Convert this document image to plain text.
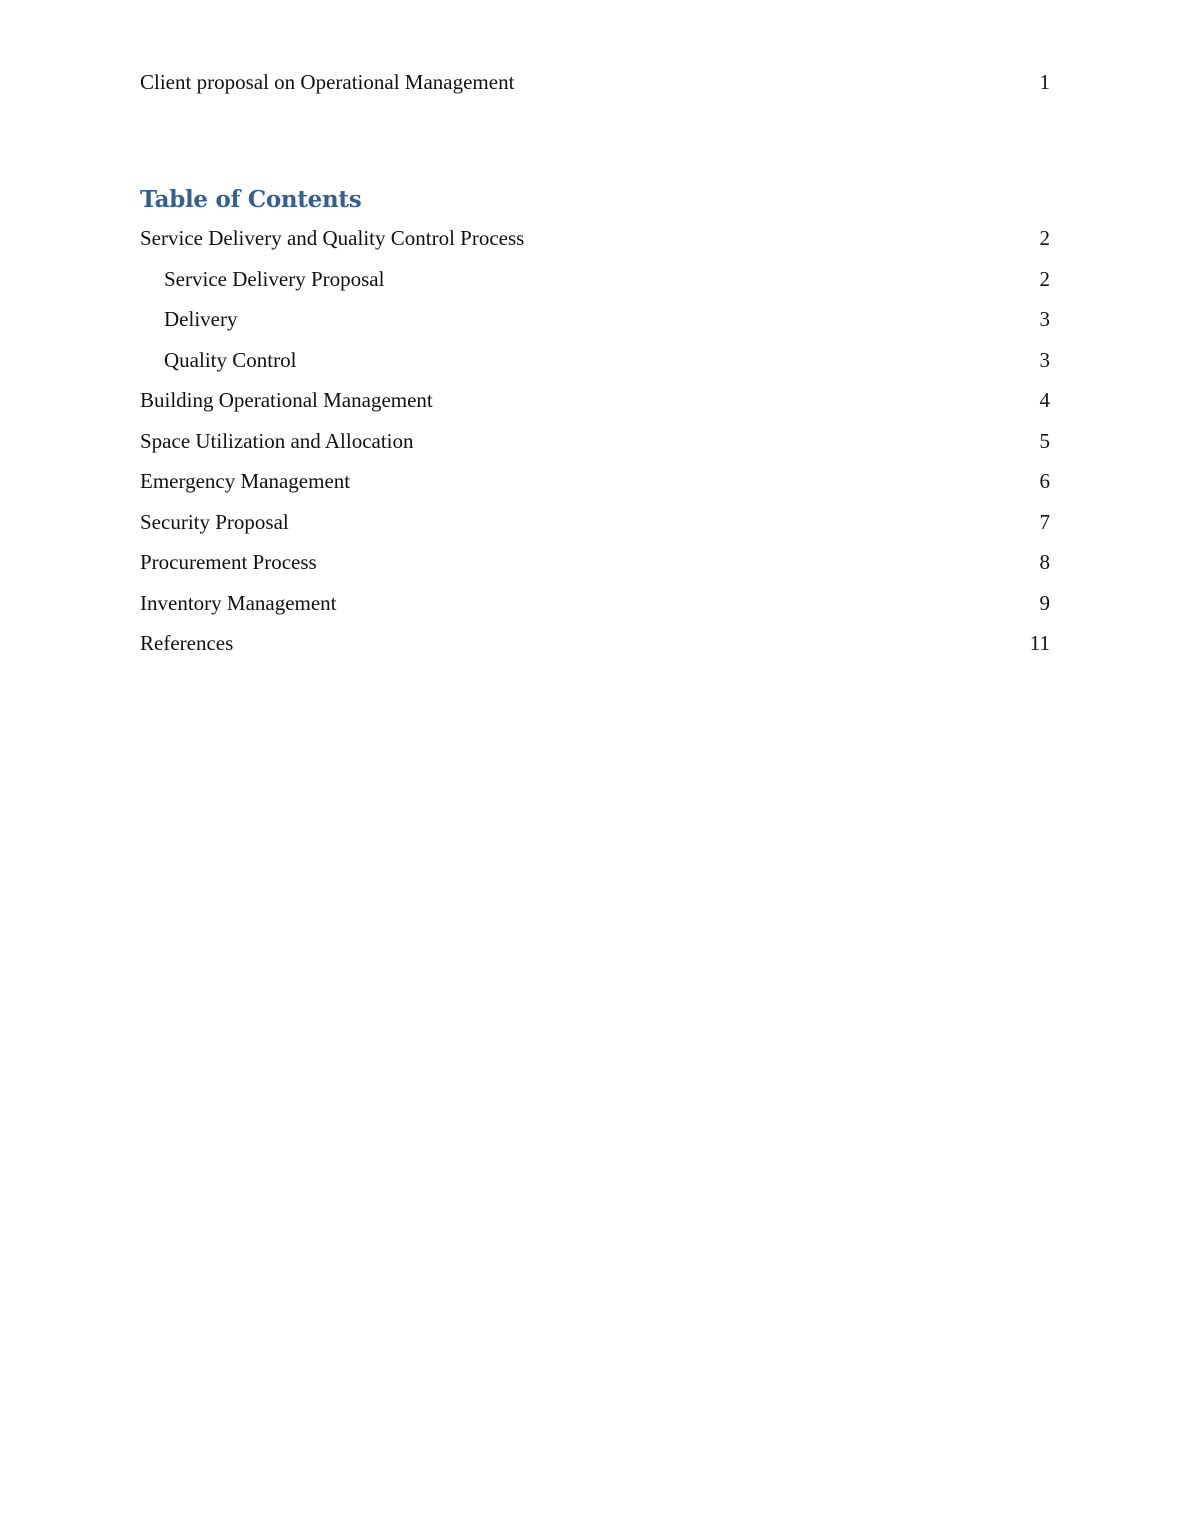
Client proposal on Operational Management	1
Table of Contents
Service Delivery and Quality Control Process	2
Service Delivery Proposal	2
Delivery	3
Quality Control	3
Building Operational Management	4
Space Utilization and Allocation	5
Emergency Management	6
Security Proposal	7
Procurement Process	8
Inventory Management	9
References	11
